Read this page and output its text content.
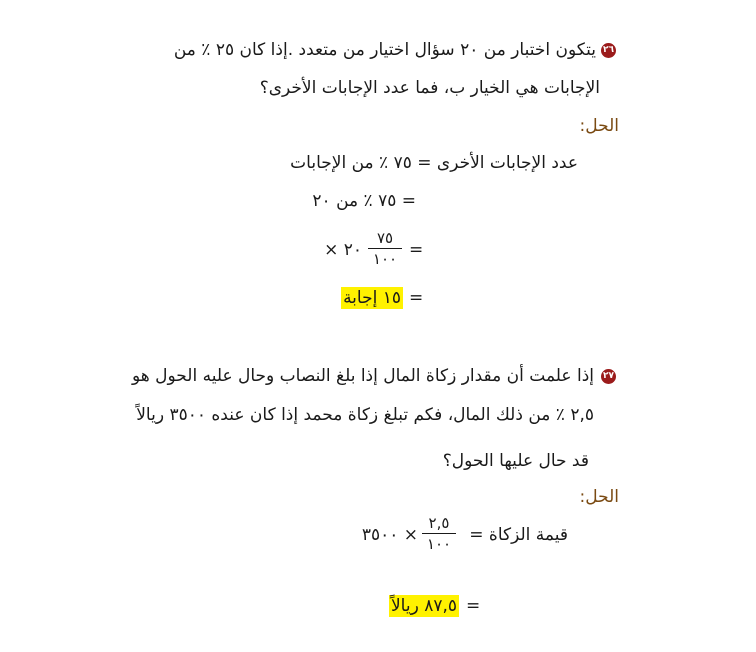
٢٦
يتكون اختبار من ٢٠ سؤال اختيار من متعدد .إذا كان ٢٥ ٪ من
الإجابات هي الخيار ب، فما عدد الإجابات الأخرى؟
الحل:
عدد الإجابات الأخرى = ٧٥ ٪ من الإجابات
= ٧٥ ٪ من ٢٠
=
٧٥
١٠٠
× ٢٠
=
١٥ إجابة
٢٧
إذا علمت أن مقدار زكاة المال إذا بلغ النصاب وحال عليه الحول هو
٢,٥ ٪ من ذلك المال، فكم تبلغ زكاة محمد إذا كان عنده ٣٥٠٠ ريالاً
قد حال عليها الحول؟
الحل:
قيمة الزكاة =
٢,٥
١٠٠
٣٥٠٠ ×
=
٨٧,٥ ريالاً
